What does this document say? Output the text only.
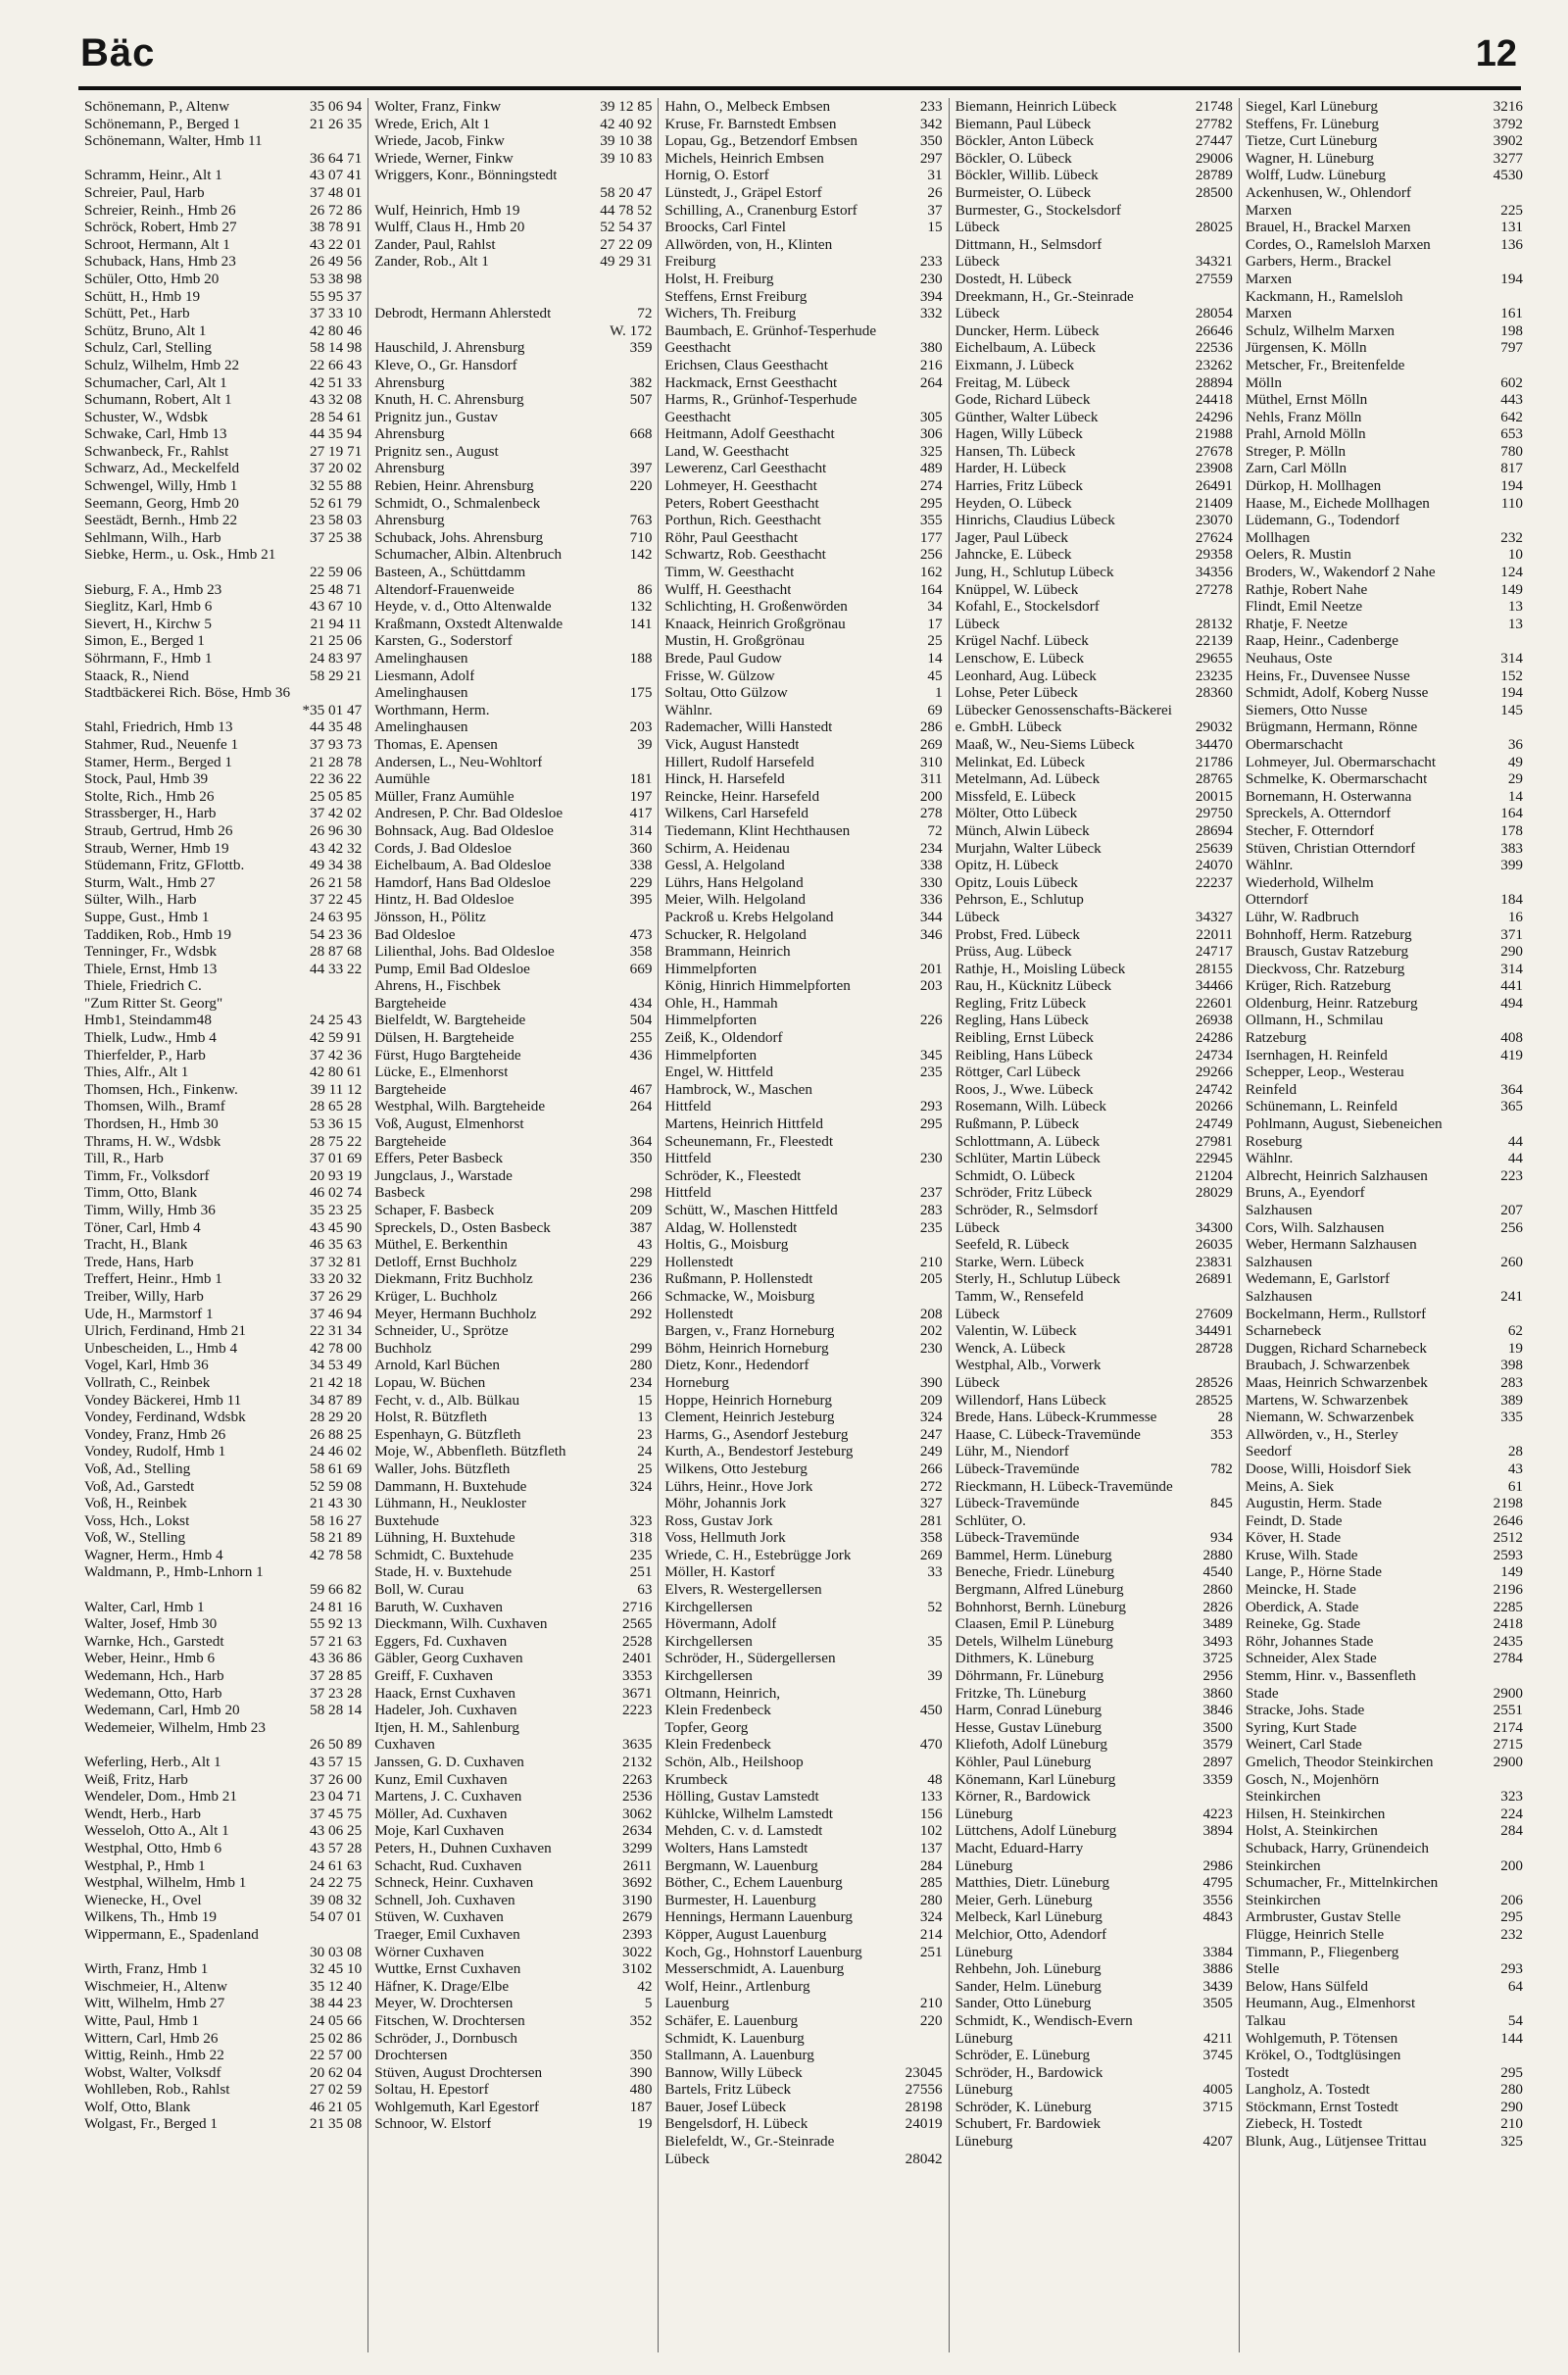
Bäc	12
Schönemann, P., Altenw	35 06 94
Schönemann, P., Berged 1	21 26 35
Schönemann, Walter, Hmb 11
36 64 71
Schramm, Heinr., Alt 1	43 07 41
Schreier, Paul, Harb	37 48 01
Schreier, Reinh., Hmb 26	26 72 86
Schröck, Robert, Hmb 27	38 78 91
Schroot, Hermann, Alt 1	43 22 01
Schuback, Hans, Hmb 23	26 49 56
Schüler, Otto, Hmb 20	53 38 98
Schütt, H., Hmb 19	55 95 37
Schütt, Pet., Harb	37 33 10
Schütz, Bruno, Alt 1	42 80 46
Schulz, Carl, Stelling	58 14 98
Schulz, Wilhelm, Hmb 22	22 66 43
Schumacher, Carl, Alt 1	42 51 33
Schumann, Robert, Alt 1	43 32 08
Schuster, W., Wdsbk	28 54 61
Schwake, Carl, Hmb 13	44 35 94
Schwanbeck, Fr., Rahlst	27 19 71
Schwarz, Ad., Meckelfeld	37 20 02
Schwengel, Willy, Hmb 1	32 55 88
Seemann, Georg, Hmb 20	52 61 79
Seestädt, Bernh., Hmb 22	23 58 03
Sehlmann, Wilh., Harb	37 25 38
Siebke, Herm., u. Osk., Hmb 21
22 59 06
Sieburg, F. A., Hmb 23	25 48 71
Sieglitz, Karl, Hmb 6	43 67 10
Sievert, H., Kirchw 5	21 94 11
Simon, E., Berged 1	21 25 06
Söhrmann, F., Hmb 1	24 83 97
Staack, R., Niend	58 29 21
Stadtbäckerei Rich. Böse, Hmb 36
*35 01 47
Stahl, Friedrich, Hmb 13	44 35 48
Stahmer, Rud., Neuenfe 1	37 93 73
Stamer, Herm., Berged 1	21 28 78
Stock, Paul, Hmb 39	22 36 22
Stolte, Rich., Hmb 26	25 05 85
Strassberger, H., Harb	37 42 02
Straub, Gertrud, Hmb 26	26 96 30
Straub, Werner, Hmb 19	43 42 32
Stüdemann, Fritz, GFlottb.	49 34 38
Sturm, Walt., Hmb 27	26 21 58
Sülter, Wilh., Harb	37 22 45
Suppe, Gust., Hmb 1	24 63 95
Taddiken, Rob., Hmb 19	54 23 36
Tenninger, Fr., Wdsbk	28 87 68
Thiele, Ernst, Hmb 13	44 33 22
Thiele, Friedrich C.
"Zum Ritter St. Georg"
Hmb1, Steindamm48	24 25 43
Thielk, Ludw., Hmb 4	42 59 91
Thierfelder, P., Harb	37 42 36
Thies, Alfr., Alt 1	42 80 61
Thomsen, Hch., Finkenw.	39 11 12
Thomsen, Wilh., Bramf	28 65 28
Thordsen, H., Hmb 30	53 36 15
Thrams, H. W., Wdsbk	28 75 22
Till, R., Harb	37 01 69
Timm, Fr., Volksdorf	20 93 19
Timm, Otto, Blank	46 02 74
Timm, Willy, Hmb 36	35 23 25
Töner, Carl, Hmb 4	43 45 90
Tracht, H., Blank	46 35 63
Trede, Hans, Harb	37 32 81
Treffert, Heinr., Hmb 1	33 20 32
Treiber, Willy, Harb	37 26 29
Ude, H., Marmstorf 1	37 46 94
Ulrich, Ferdinand, Hmb 21	22 31 34
Unbescheiden, L., Hmb 4	42 78 00
Vogel, Karl, Hmb 36	34 53 49
Vollrath, C., Reinbek	21 42 18
Vondey Bäckerei, Hmb 11	34 87 89
Vondey, Ferdinand, Wdsbk	28 29 20
Vondey, Franz, Hmb 26	26 88 25
Vondey, Rudolf, Hmb 1	24 46 02
Voß, Ad., Stelling	58 61 69
Voß, Ad., Garstedt	52 59 08
Voß, H., Reinbek	21 43 30
Voss, Hch., Lokst	58 16 27
Voß, W., Stelling	58 21 89
Wagner, Herm., Hmb 4	42 78 58
Waldmann, P., Hmb-Lnhorn 1
59 66 82
Walter, Carl, Hmb 1	24 81 16
Walter, Josef, Hmb 30	55 92 13
Warnke, Hch., Garstedt	57 21 63
Weber, Heinr., Hmb 6	43 36 86
Wedemann, Hch., Harb	37 28 85
Wedemann, Otto, Harb	37 23 28
Wedemann, Carl, Hmb 20	58 28 14
Wedemeier, Wilhelm, Hmb 23
26 50 89
Weferling, Herb., Alt 1	43 57 15
Weiß, Fritz, Harb	37 26 00
Wendeler, Dom., Hmb 21	23 04 71
Wendt, Herb., Harb	37 45 75
Wesseloh, Otto A., Alt 1	43 06 25
Westphal, Otto, Hmb 6	43 57 28
Westphal, P., Hmb 1	24 61 63
Westphal, Wilhelm, Hmb 1	24 22 75
Wienecke, H., Ovel	39 08 32
Wilkens, Th., Hmb 19	54 07 01
Wippermann, E., Spadenland
30 03 08
Wirth, Franz, Hmb 1	32 45 10
Wischmeier, H., Altenw	35 12 40
Witt, Wilhelm, Hmb 27	38 44 23
Witte, Paul, Hmb 1	24 05 66
Wittern, Carl, Hmb 26	25 02 86
Wittig, Reinh., Hmb 22	22 57 00
Wobst, Walter, Volksdf	20 62 04
Wohlleben, Rob., Rahlst	27 02 59
Wolf, Otto, Blank	46 21 05
Wolgast, Fr., Berged 1	21 35 08
Wolter, Franz, Finkw	39 12 85
Wrede, Erich, Alt 1	42 40 92
Wriede, Jacob, Finkw	39 10 38
Wriede, Werner, Finkw	39 10 83
Wriggers, Konr., Bönningstedt
58 20 47
Wulf, Heinrich, Hmb 19	44 78 52
Wulff, Claus H., Hmb 20	52 54 37
Zander, Paul, Rahlst	27 22 09
Zander, Rob., Alt 1	49 29 31
Debrodt, Hermann Ahlerstedt	72
W. 172
Hauschild, J. Ahrensburg	359
Kleve, O., Gr. Hansdorf
Ahrensburg	382
Knuth, H. C. Ahrensburg	507
Prignitz jun., Gustav
Ahrensburg	668
Prignitz sen., August
Ahrensburg	397
Rebien, Heinr. Ahrensburg	220
Schmidt, O., Schmalenbeck
Ahrensburg	763
Schuback, Johs. Ahrensburg	710
Schumacher, Albin. Altenbruch	142
Basteen, A., Schüttdamm
Altendorf-Frauenweide	86
Heyde, v. d., Otto Altenwalde	132
Kraßmann, Oxstedt Altenwalde	141
Karsten, G., Soderstorf
Amelinghausen	188
Liesmann, Adolf
Amelinghausen	175
Worthmann, Herm.
Amelinghausen	203
Thomas, E. Apensen	39
Andersen, L., Neu-Wohltorf
Aumühle	181
Müller, Franz Aumühle	197
Andresen, P. Chr. Bad Oldesloe	417
Bohnsack, Aug. Bad Oldesloe	314
Cords, J. Bad Oldesloe	360
Eichelbaum, A. Bad Oldesloe	338
Hamdorf, Hans Bad Oldesloe	229
Hintz, H. Bad Oldesloe	395
Jönsson, H., Pölitz
Bad Oldesloe	473
Lilienthal, Johs. Bad Oldesloe	358
Pump, Emil Bad Oldesloe	669
Ahrens, H., Fischbek
Bargteheide	434
Bielfeldt, W. Bargteheide	504
Dülsen, H. Bargteheide	255
Fürst, Hugo Bargteheide	436
Lücke, E., Elmenhorst
Bargteheide	467
Westphal, Wilh. Bargteheide	264
Voß, August, Elmenhorst
Bargteheide	364
Effers, Peter Basbeck	350
Jungclaus, J., Warstade
Basbeck	298
Schaper, F. Basbeck	209
Spreckels, D., Osten Basbeck	387
Müthel, E. Berkenthin	43
Detloff, Ernst Buchholz	229
Diekmann, Fritz Buchholz	236
Krüger, L. Buchholz	266
Meyer, Hermann Buchholz	292
Schneider, U., Sprötze
Buchholz	299
Arnold, Karl Büchen	280
Lopau, W. Büchen	234
Fecht, v. d., Alb. Bülkau	15
Holst, R. Bützfleth	13
Espenhayn, G. Bützfleth	23
Moje, W., Abbenfleth. Bützfleth	24
Waller, Johs. Bützfleth	25
Dammann, H. Buxtehude	324
Lühmann, H., Neukloster
Buxtehude	323
Lühning, H. Buxtehude	318
Schmidt, C. Buxtehude	235
Stade, H. v. Buxtehude	251
Boll, W. Curau	63
Baruth, W. Cuxhaven	2716
Dieckmann, Wilh. Cuxhaven	2565
Eggers, Fd. Cuxhaven	2528
Gäbler, Georg Cuxhaven	2401
Greiff, F. Cuxhaven	3353
Haack, Ernst Cuxhaven	3671
Hadeler, Joh. Cuxhaven	2223
Itjen, H. M., Sahlenburg
Cuxhaven	3635
Janssen, G. D. Cuxhaven	2132
Kunz, Emil Cuxhaven	2263
Martens, J. C. Cuxhaven	2536
Möller, Ad. Cuxhaven	3062
Moje, Karl Cuxhaven	2634
Peters, H., Duhnen Cuxhaven	3299
Schacht, Rud. Cuxhaven	2611
Schneck, Heinr. Cuxhaven	3692
Schnell, Joh. Cuxhaven	3190
Stüven, W. Cuxhaven	2679
Traeger, Emil Cuxhaven	2393
Wörner Cuxhaven	3022
Wuttke, Ernst Cuxhaven	3102
Häfner, K. Drage/Elbe	42
Meyer, W. Drochtersen	5
Fitschen, W. Drochtersen	352
Schröder, J., Dornbusch
Drochtersen	350
Stüven, August Drochtersen	390
Soltau, H. Epestorf	480
Wohlgemuth, Karl Egestorf	187
Schnoor, W. Elstorf	19
Hahn, O., Melbeck Embsen	233
Kruse, Fr. Barnstedt Embsen	342
Lopau, Gg., Betzendorf Embsen	350
Michels, Heinrich Embsen	297
Hornig, O. Estorf	31
Lünstedt, J., Gräpel Estorf	26
Schilling, A., Cranenburg Estorf	37
Broocks, Carl Fintel	15
Allwörden, von, H., Klinten
Freiburg	233
Holst, H. Freiburg	230
Steffens, Ernst Freiburg	394
Wichers, Th. Freiburg	332
Baumbach, E. Grünhof-Tesperhude
Geesthacht	380
Erichsen, Claus Geesthacht	216
Hackmack, Ernst Geesthacht	264
Harms, R., Grünhof-Tesperhude
Geesthacht	305
Heitmann, Adolf Geesthacht	306
Land, W. Geesthacht	325
Lewerenz, Carl Geesthacht	489
Lohmeyer, H. Geesthacht	274
Peters, Robert Geesthacht	295
Porthun, Rich. Geesthacht	355
Röhr, Paul Geesthacht	177
Schwartz, Rob. Geesthacht	256
Timm, W. Geesthacht	162
Wulff, H. Geesthacht	164
Schlichting, H. Großenwörden	34
Knaack, Heinrich Großgrönau	17
Mustin, H. Großgrönau	25
Brede, Paul Gudow	14
Frisse, W. Gülzow	45
Soltau, Otto Gülzow	1
Wählnr.	69
Rademacher, Willi Hanstedt	286
Vick, August Hanstedt	269
Hillert, Rudolf Harsefeld	310
Hinck, H. Harsefeld	311
Reincke, Heinr. Harsefeld	200
Wilkens, Carl Harsefeld	278
Tiedemann, Klint Hechthausen	72
Schirm, A. Heidenau	234
Gessl, A. Helgoland	338
Lührs, Hans Helgoland	330
Meier, Wilh. Helgoland	336
Packroß u. Krebs Helgoland	344
Schucker, R. Helgoland	346
Brammann, Heinrich
Himmelpforten	201
König, Hinrich Himmelpforten	203
Ohle, H., Hammah
Himmelpforten	226
Zeiß, K., Oldendorf
Himmelpforten	345
Engel, W. Hittfeld	235
Hambrock, W., Maschen
Hittfeld	293
Martens, Heinrich Hittfeld	295
Scheunemann, Fr., Fleestedt
Hittfeld	230
Schröder, K., Fleestedt
Hittfeld	237
Schütt, W., Maschen Hittfeld	283
Aldag, W. Hollenstedt	235
Holtis, G., Moisburg
Hollenstedt	210
Rußmann, P. Hollenstedt	205
Schmacke, W., Moisburg
Hollenstedt	208
Bargen, v., Franz Horneburg	202
Böhm, Heinrich Horneburg	230
Dietz, Konr., Hedendorf
Horneburg	390
Hoppe, Heinrich Horneburg	209
Clement, Heinrich Jesteburg	324
Harms, G., Asendorf Jesteburg	247
Kurth, A., Bendestorf Jesteburg	249
Wilkens, Otto Jesteburg	266
Lührs, Heinr., Hove Jork	272
Möhr, Johannis Jork	327
Ross, Gustav Jork	281
Voss, Hellmuth Jork	358
Wriede, C. H., Estebrügge Jork	269
Möller, H. Kastorf	33
Elvers, R. Westergellersen
Kirchgellersen	52
Hövermann, Adolf
Kirchgellersen	35
Schröder, H., Südergellersen
Kirchgellersen	39
Oltmann, Heinrich,
Klein Fredenbeck	450
Topfer, Georg
Klein Fredenbeck	470
Schön, Alb., Heilshoop
Krumbeck	48
Hölling, Gustav Lamstedt	133
Kühlcke, Wilhelm Lamstedt	156
Mehden, C. v. d. Lamstedt	102
Wolters, Hans Lamstedt	137
Bergmann, W. Lauenburg	284
Böther, C., Echem Lauenburg	285
Burmester, H. Lauenburg	280
Hennings, Hermann Lauenburg	324
Köpper, August Lauenburg	214
Koch, Gg., Hohnstorf Lauenburg	251
Messerschmidt, A. Lauenburg
Wolf, Heinr., Artlenburg
Lauenburg	210
Schäfer, E. Lauenburg	220
Schmidt, K. Lauenburg
Stallmann, A. Lauenburg
Bannow, Willy Lübeck	23045
Bartels, Fritz Lübeck	27556
Bauer, Josef Lübeck	28198
Bengelsdorf, H. Lübeck	24019
Bielefeldt, W., Gr.-Steinrade
Lübeck	28042
Biemann, Heinrich Lübeck	21748
Biemann, Paul Lübeck	27782
Böckler, Anton Lübeck	27447
Böckler, O. Lübeck	29006
Böckler, Willib. Lübeck	28789
Burmeister, O. Lübeck	28500
Burmester, G., Stockelsdorf
Lübeck	28025
Dittmann, H., Selmsdorf
Lübeck	34321
Dostedt, H. Lübeck	27559
Dreekmann, H., Gr.-Steinrade
Lübeck	28054
Duncker, Herm. Lübeck	26646
Eichelbaum, A. Lübeck	22536
Eixmann, J. Lübeck	23262
Freitag, M. Lübeck	28894
Gode, Richard Lübeck	24418
Günther, Walter Lübeck	24296
Hagen, Willy Lübeck	21988
Hansen, Th. Lübeck	27678
Harder, H. Lübeck	23908
Harries, Fritz Lübeck	26491
Heyden, O. Lübeck	21409
Hinrichs, Claudius Lübeck	23070
Jager, Paul Lübeck	27624
Jahncke, E. Lübeck	29358
Jung, H., Schlutup Lübeck	34356
Knüppel, W. Lübeck	27278
Kofahl, E., Stockelsdorf
Lübeck	28132
Krügel Nachf. Lübeck	22139
Lenschow, E. Lübeck	29655
Leonhard, Aug. Lübeck	23235
Lohse, Peter Lübeck	28360
Lübecker Genossenschafts-Bäckerei
e. GmbH. Lübeck	29032
Maaß, W., Neu-Siems Lübeck	34470
Melinkat, Ed. Lübeck	21786
Metelmann, Ad. Lübeck	28765
Missfeld, E. Lübeck	20015
Mölter, Otto Lübeck	29750
Münch, Alwin Lübeck	28694
Murjahn, Walter Lübeck	25639
Opitz, H. Lübeck	24070
Opitz, Louis Lübeck	22237
Pehrson, E., Schlutup
Lübeck	34327
Probst, Fred. Lübeck	22011
Prüss, Aug. Lübeck	24717
Rathje, H., Moisling Lübeck	28155
Rau, H., Kücknitz Lübeck	34466
Regling, Fritz Lübeck	22601
Regling, Hans Lübeck	26938
Reibling, Ernst Lübeck	24286
Reibling, Hans Lübeck	24734
Röttger, Carl Lübeck	29266
Roos, J., Wwe. Lübeck	24742
Rosemann, Wilh. Lübeck	20266
Rußmann, P. Lübeck	24749
Schlottmann, A. Lübeck	27981
Schlüter, Martin Lübeck	22945
Schmidt, O. Lübeck	21204
Schröder, Fritz Lübeck	28029
Schröder, R., Selmsdorf
Lübeck	34300
Seefeld, R. Lübeck	26035
Starke, Wern. Lübeck	23831
Sterly, H., Schlutup Lübeck	26891
Tamm, W., Rensefeld
Lübeck	27609
Valentin, W. Lübeck	34491
Wenck, A. Lübeck	28728
Westphal, Alb., Vorwerk
Lübeck	28526
Willendorf, Hans Lübeck	28525
Brede, Hans. Lübeck-Krummesse	28
Haase, C. Lübeck-Travemünde	353
Lühr, M., Niendorf
Lübeck-Travemünde	782
Rieckmann, H. Lübeck-Travemünde
Lübeck-Travemünde	845
Schlüter, O.
Lübeck-Travemünde	934
Bammel, Herm. Lüneburg	2880
Beneche, Friedr. Lüneburg	4540
Bergmann, Alfred Lüneburg	2860
Bohnhorst, Bernh. Lüneburg	2826
Claasen, Emil P. Lüneburg	3489
Detels, Wilhelm Lüneburg	3493
Dithmers, K. Lüneburg	3725
Döhrmann, Fr. Lüneburg	2956
Fritzke, Th. Lüneburg	3860
Harm, Conrad Lüneburg	3846
Hesse, Gustav Lüneburg	3500
Kliefoth, Adolf Lüneburg	3579
Köhler, Paul Lüneburg	2897
Könemann, Karl Lüneburg	3359
Körner, R., Bardowick
Lüneburg	4223
Lüttchens, Adolf Lüneburg	3894
Macht, Eduard-Harry
Lüneburg	2986
Matthies, Dietr. Lüneburg	4795
Meier, Gerh. Lüneburg	3556
Melbeck, Karl Lüneburg	4843
Melchior, Otto, Adendorf
Lüneburg	3384
Rehbehn, Joh. Lüneburg	3886
Sander, Helm. Lüneburg	3439
Sander, Otto Lüneburg	3505
Schmidt, K., Wendisch-Evern
Lüneburg	4211
Schröder, E. Lüneburg	3745
Schröder, H., Bardowick
Lüneburg	4005
Schröder, K. Lüneburg	3715
Schubert, Fr. Bardowiek
Lüneburg	4207
Siegel, Karl Lüneburg	3216
Steffens, Fr. Lüneburg	3792
Tietze, Curt Lüneburg	3902
Wagner, H. Lüneburg	3277
Wolff, Ludw. Lüneburg	4530
Ackenhusen, W., Ohlendorf
Marxen	225
Brauel, H., Brackel Marxen	131
Cordes, O., Ramelsloh Marxen	136
Garbers, Herm., Brackel
Marxen	194
Kackmann, H., Ramelsloh
Marxen	161
Schulz, Wilhelm Marxen	198
Jürgensen, K. Mölln	797
Metscher, Fr., Breitenfelde
Mölln	602
Müthel, Ernst Mölln	443
Nehls, Franz Mölln	642
Prahl, Arnold Mölln	653
Streger, P. Mölln	780
Zarn, Carl Mölln	817
Dürkop, H. Mollhagen	194
Haase, M., Eichede Mollhagen	110
Lüdemann, G., Todendorf
Mollhagen	232
Oelers, R. Mustin	10
Broders, W., Wakendorf 2 Nahe	124
Rathje, Robert Nahe	149
Flindt, Emil Neetze	13
Rhatje, F. Neetze	13
Raap, Heinr., Cadenberge
Neuhaus, Oste	314
Heins, Fr., Duvensee Nusse	152
Schmidt, Adolf, Koberg Nusse	194
Siemers, Otto Nusse	145
Brügmann, Hermann, Rönne
Obermarschacht	36
Lohmeyer, Jul. Obermarschacht	49
Schmelke, K. Obermarschacht	29
Bornemann, H. Osterwanna	14
Spreckels, A. Otterndorf	164
Stecher, F. Otterndorf	178
Stüven, Christian Otterndorf	383
Wählnr.	399
Wiederhold, Wilhelm
Otterndorf	184
Lühr, W. Radbruch	16
Bohnhoff, Herm. Ratzeburg	371
Brausch, Gustav Ratzeburg	290
Dieckvoss, Chr. Ratzeburg	314
Krüger, Rich. Ratzeburg	441
Oldenburg, Heinr. Ratzeburg	494
Ollmann, H., Schmilau
Ratzeburg	408
Isernhagen, H. Reinfeld	419
Schepper, Leop., Westerau
Reinfeld	364
Schünemann, L. Reinfeld	365
Pohlmann, August, Siebeneichen
Roseburg	44
Wählnr.	44
Albrecht, Heinrich Salzhausen	223
Bruns, A., Eyendorf
Salzhausen	207
Cors, Wilh. Salzhausen	256
Weber, Hermann Salzhausen
Salzhausen	260
Wedemann, E, Garlstorf
Salzhausen	241
Bockelmann, Herm., Rullstorf
Scharnebeck	62
Duggen, Richard Scharnebeck	19
Braubach, J. Schwarzenbek	398
Maas, Heinrich Schwarzenbek	283
Martens, W. Schwarzenbek	389
Niemann, W. Schwarzenbek	335
Allwörden, v., H., Sterley
Seedorf	28
Doose, Willi, Hoisdorf Siek	43
Meins, A. Siek	61
Augustin, Herm. Stade	2198
Feindt, D. Stade	2646
Köver, H. Stade	2512
Kruse, Wilh. Stade	2593
Lange, P., Hörne Stade	149
Meincke, H. Stade	2196
Oberdick, A. Stade	2285
Reineke, Gg. Stade	2418
Röhr, Johannes Stade	2435
Schneider, Alex Stade	2784
Stemm, Hinr. v., Bassenfleth
Stade	2900
Stracke, Johs. Stade	2551
Syring, Kurt Stade	2174
Weinert, Carl Stade	2715
Gmelich, Theodor Steinkirchen	2900
Gosch, N., Mojenhörn
Steinkirchen	323
Hilsen, H. Steinkirchen	224
Holst, A. Steinkirchen	284
Schuback, Harry, Grünendeich
Steinkirchen	200
Schumacher, Fr., Mittelnkirchen
Steinkirchen	206
Armbruster, Gustav Stelle	295
Flügge, Heinrich Stelle	232
Timmann, P., Fliegenberg
Stelle	293
Below, Hans Sülfeld	64
Heumann, Aug., Elmenhorst
Talkau	54
Wohlgemuth, P. Tötensen	144
Krökel, O., Todtglüsingen
Tostedt	295
Langholz, A. Tostedt	280
Stöckmann, Ernst Tostedt	290
Ziebeck, H. Tostedt	210
Blunk, Aug., Lütjensee Trittau	325
